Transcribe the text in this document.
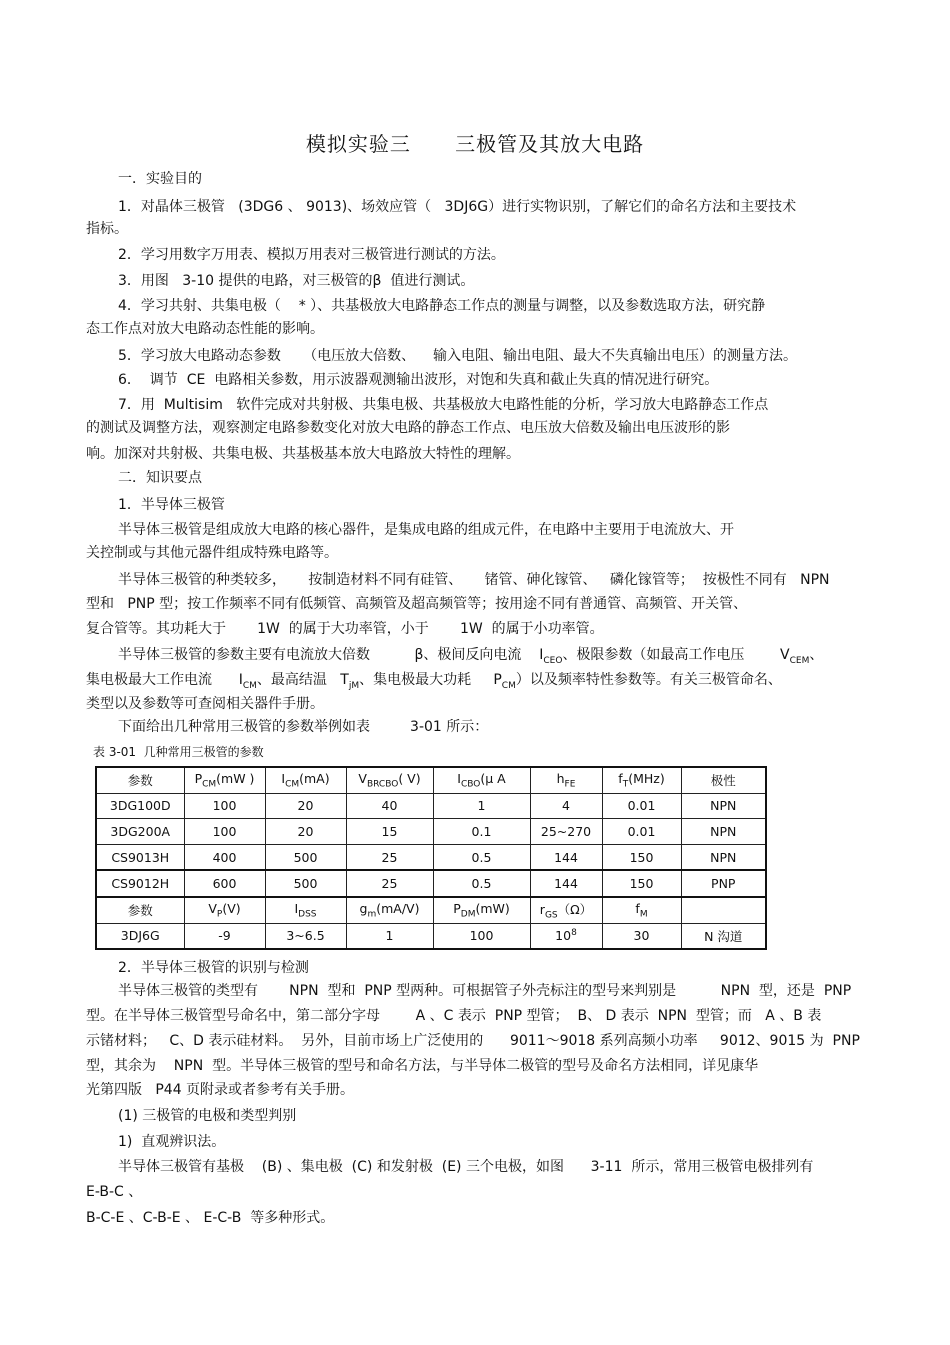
模拟实验三      三极管及其放大电路
一．实验目的
1．对晶体三极管   (3DG6 、 9013)、场效应管（   3DJ6G）进行实物识别，了解它们的命名方法和主要技术
指标。
2．学习用数字万用表、模拟万用表对三极管进行测试的方法。
3．用图   3-10 提供的电路，对三极管的β  值进行测试。
4．学习共射、共集电极（    * ）、共基极放大电路静态工作点的测量与调整，以及参数选取方法，研究静
态工作点对放大电路动态性能的影响。
5．学习放大电路动态参数     （电压放大倍数、    输入电阻、输出电阻、最大不失真输出电压）的测量方法。
6．  调节  CE  电路相关参数，用示波器观测输出波形，对饱和失真和截止失真的情况进行研究。
7．用  Multisim   软件完成对共射极、共集电极、共基极放大电路性能的分析，学习放大电路静态工作点
的测试及调整方法，观察测定电路参数变化对放大电路的静态工作点、电压放大倍数及输出电压波形的影
响。加深对共射极、共集电极、共基极基本放大电路放大特性的理解。
二．知识要点
1．半导体三极管
半导体三极管是组成放大电路的核心器件，是集成电路的组成元件，在电路中主要用于电流放大、开
关控制或与其他元器件组成特殊电路等。
半导体三极管的种类较多，     按制造材料不同有硅管、     锗管、砷化镓管、   磷化镓管等；  按极性不同有   NPN
型和   PNP 型；按工作频率不同有低频管、高频管及超高频管等；按用途不同有普通管、高频管、开关管、
复合管等。其功耗大于       1W  的属于大功率管，小于       1W  的属于小功率管。
半导体三极管的参数主要有电流放大倍数          β、极间反向电流    $I_{CEO}$、极限参数（如最高工作电压        $V_{CEM}$、
集电极最大工作电流      $I_{CM}$、最高结温   $T_{jM}$、集电极最大功耗     $P_{CM}$）以及频率特性参数等。有关三极管命名、
类型以及参数等可查阅相关器件手册。
下面给出几种常用三极管的参数举例如表         3-01 所示：
表 3-01  几种常用三极管的参数
参数	$P_{CM}(mW$ )	$I_{CM}(mA)$	$V_{BRCBO}$( V)	$I_{CBO}(\mu$ A	$h_{FE}$	$f_T(MHz)$	极性
3DG100D	100	20	40	1	4	0.01	NPN
3DG200A	100	20	15	0.1	25~270	0.01	NPN
CS9013H	400	500	25	0.5	144	150	NPN
CS9012H	600	500	25	0.5	144	150	PNP
参数	$V_P(V)$	$I_{DSS}$	$g_m(mA/V)$	$P_{DM}(mW)$	$r_{GS}(\Omega)$	$f_M$	
3DJ6G	-9	3~6.5	1	100	$10^8$	30	N 沟道
2．半导体三极管的识别与检测
半导体三极管的类型有       NPN  型和  PNP 型两种。可根据管子外壳标注的型号来判别是          NPN  型，还是  PNP
型。在半导体三极管型号命名中，第二部分字母        A 、C 表示  PNP 型管；  B、 D 表示  NPN  型管；而   A 、B 表
示锗材料；   C、D 表示硅材料。  另外，目前市场上广泛使用的      9011～9018 系列高频小功率     9012、9015 为  PNP
型，其余为    NPN  型。半导体三极管的型号和命名方法，与半导体二极管的型号及命名方法相同，详见康华
光第四版   P44 页附录或者参考有关手册。
(1) 三极管的电极和类型判别
1)  直观辨识法。
半导体三极管有基极    (B) 、集电极  (C) 和发射极  (E) 三个电极，如图      3-11  所示，常用三极管电极排列有
E-B-C 、
B-C-E 、C-B-E 、 E-C-B  等多种形式。
